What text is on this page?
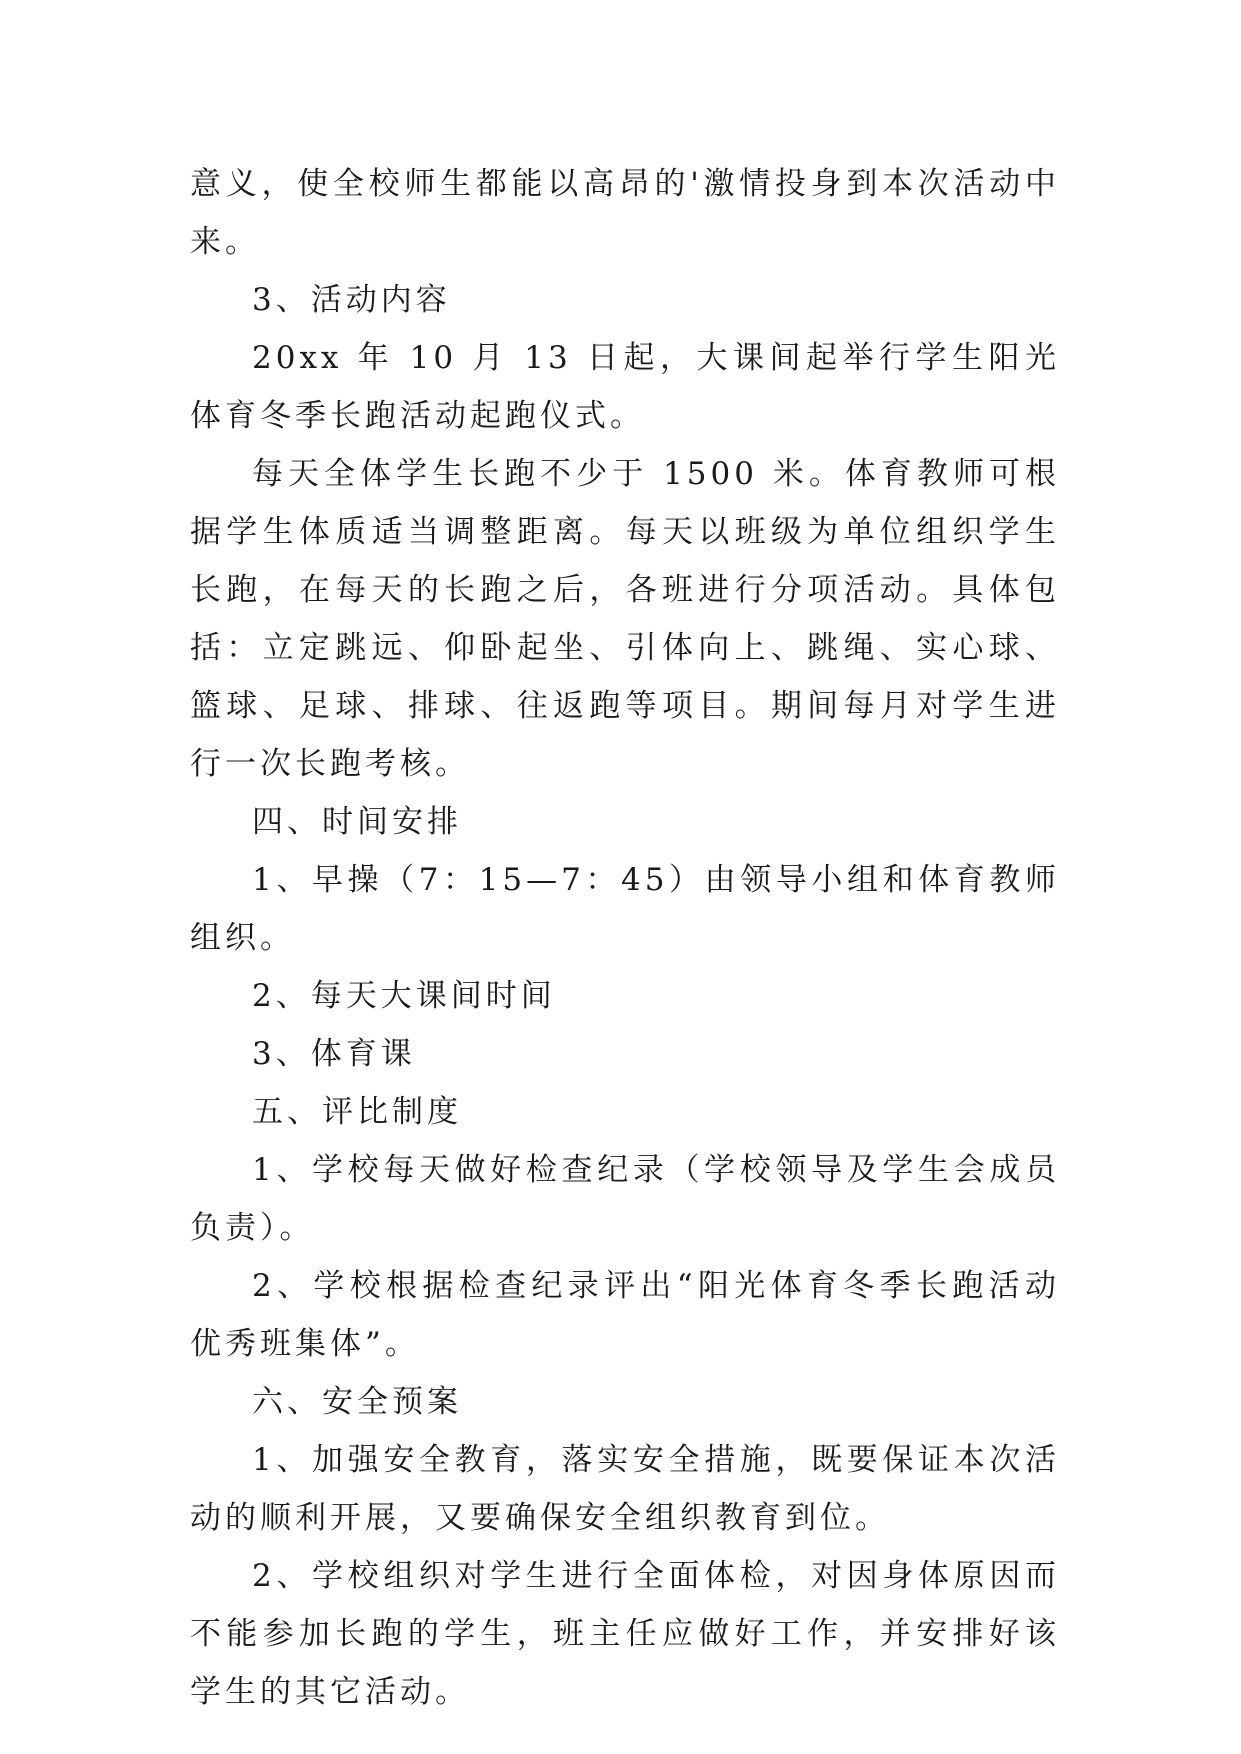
意义，使全校师生都能以高昂的'激情投身到本次活动中来。

3、活动内容

20xx 年 10 月 13 日起，大课间起举行学生阳光体育冬季长跑活动起跑仪式。

每天全体学生长跑不少于 1500 米。体育教师可根据学生体质适当调整距离。每天以班级为单位组织学生长跑，在每天的长跑之后，各班进行分项活动。具体包括：立定跳远、仰卧起坐、引体向上、跳绳、实心球、篮球、足球、排球、往返跑等项目。期间每月对学生进行一次长跑考核。

四、时间安排

1、早操（7：15—7：45）由领导小组和体育教师组织。

2、每天大课间时间

3、体育课

五、评比制度

1、学校每天做好检查纪录（学校领导及学生会成员负责）。

2、学校根据检查纪录评出“阳光体育冬季长跑活动优秀班集体”。

六、安全预案

1、加强安全教育，落实安全措施，既要保证本次活动的顺利开展，又要确保安全组织教育到位。

2、学校组织对学生进行全面体检，对因身体原因而不能参加长跑的学生，班主任应做好工作，并安排好该学生的其它活动。
